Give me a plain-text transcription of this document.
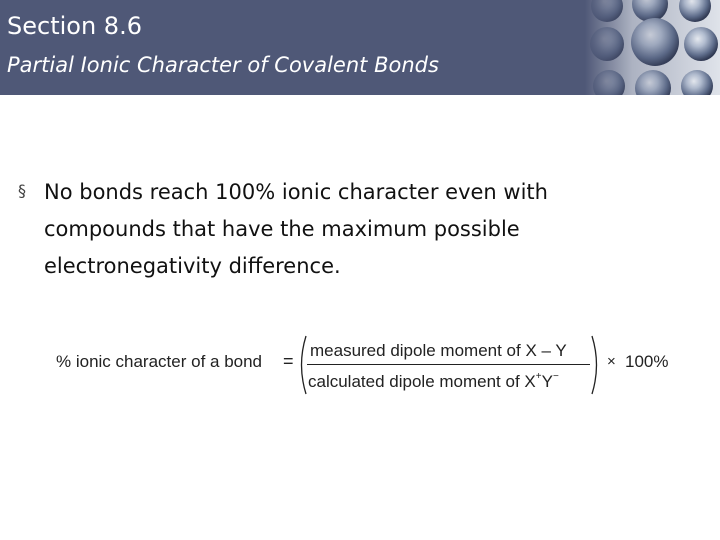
Section 8.6
Partial Ionic Character of Covalent Bonds
§ No bonds reach 100% ionic character even with compounds that have the maximum possible electronegativity difference.
% ionic character of a bond =
measured dipole moment of X – Y
calculated dipole moment of X+Y−
× 100%
